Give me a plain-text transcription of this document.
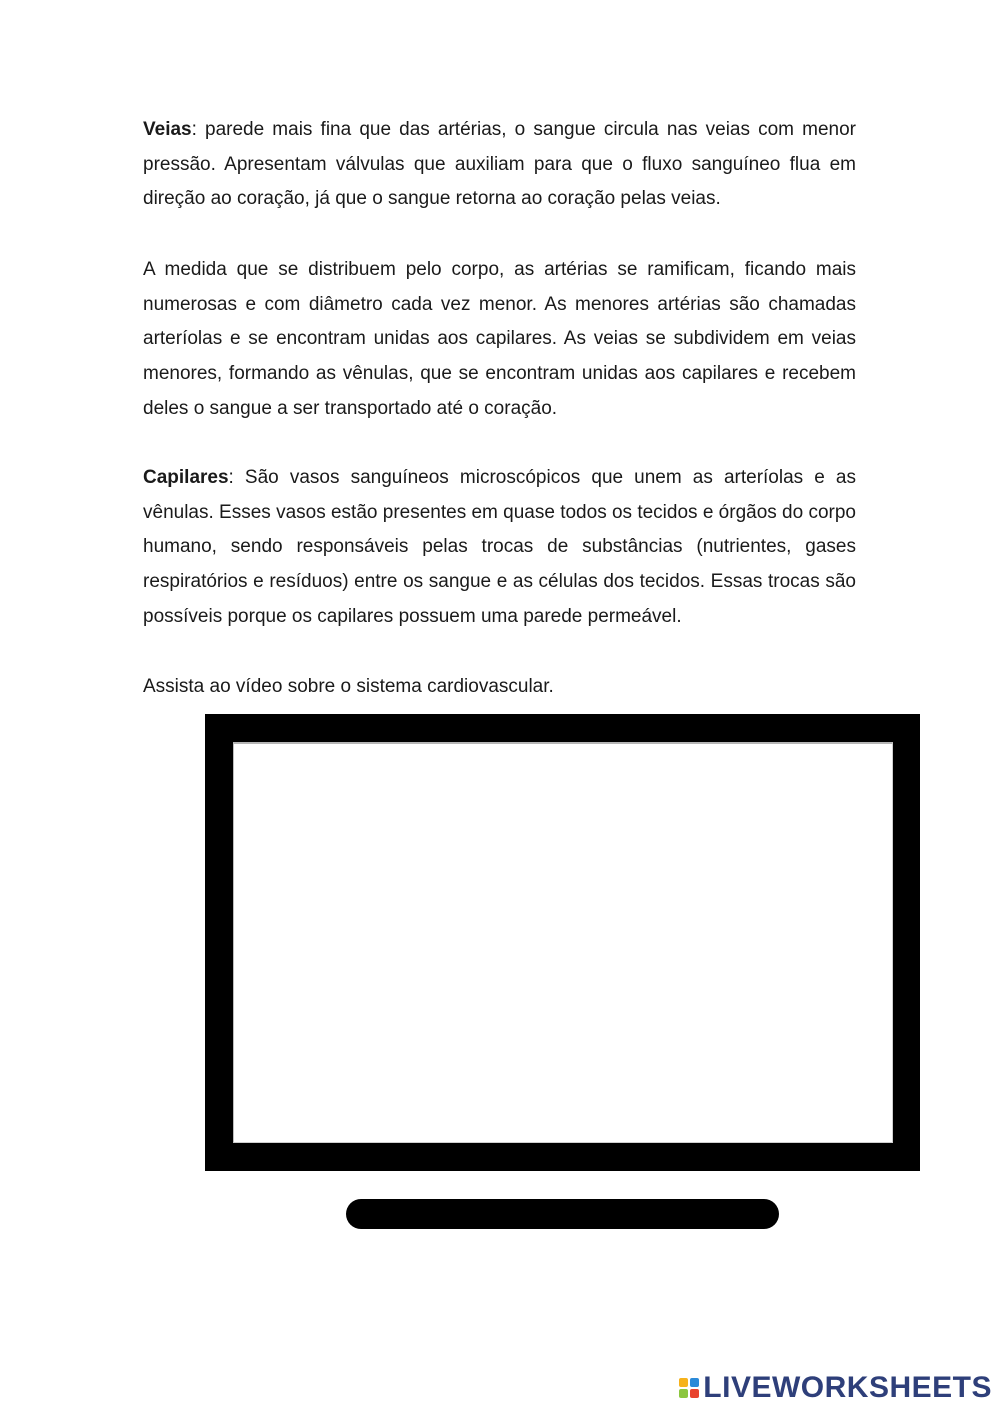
Veias: parede mais fina que das artérias, o sangue circula nas veias com menor pressão. Apresentam válvulas que auxiliam para que o fluxo sanguíneo flua em direção ao coração, já que o sangue retorna ao coração pelas veias.

A medida que se distribuem pelo corpo, as artérias se ramificam, ficando mais numerosas e com diâmetro cada vez menor. As menores artérias são chamadas arteríolas e se encontram unidas aos capilares. As veias se subdividem em veias menores, formando as vênulas, que se encontram unidas aos capilares e recebem deles o sangue a ser transportado até o coração.

Capilares: São vasos sanguíneos microscópicos que unem as arteríolas e as vênulas. Esses vasos estão presentes em quase todos os tecidos e órgãos do corpo humano, sendo responsáveis pelas trocas de substâncias (nutrientes, gases respiratórios e resíduos) entre os sangue e as células dos tecidos. Essas trocas são possíveis porque os capilares possuem uma parede permeável.

Assista ao vídeo sobre o sistema cardiovascular.

LIVEWORKSHEETS
